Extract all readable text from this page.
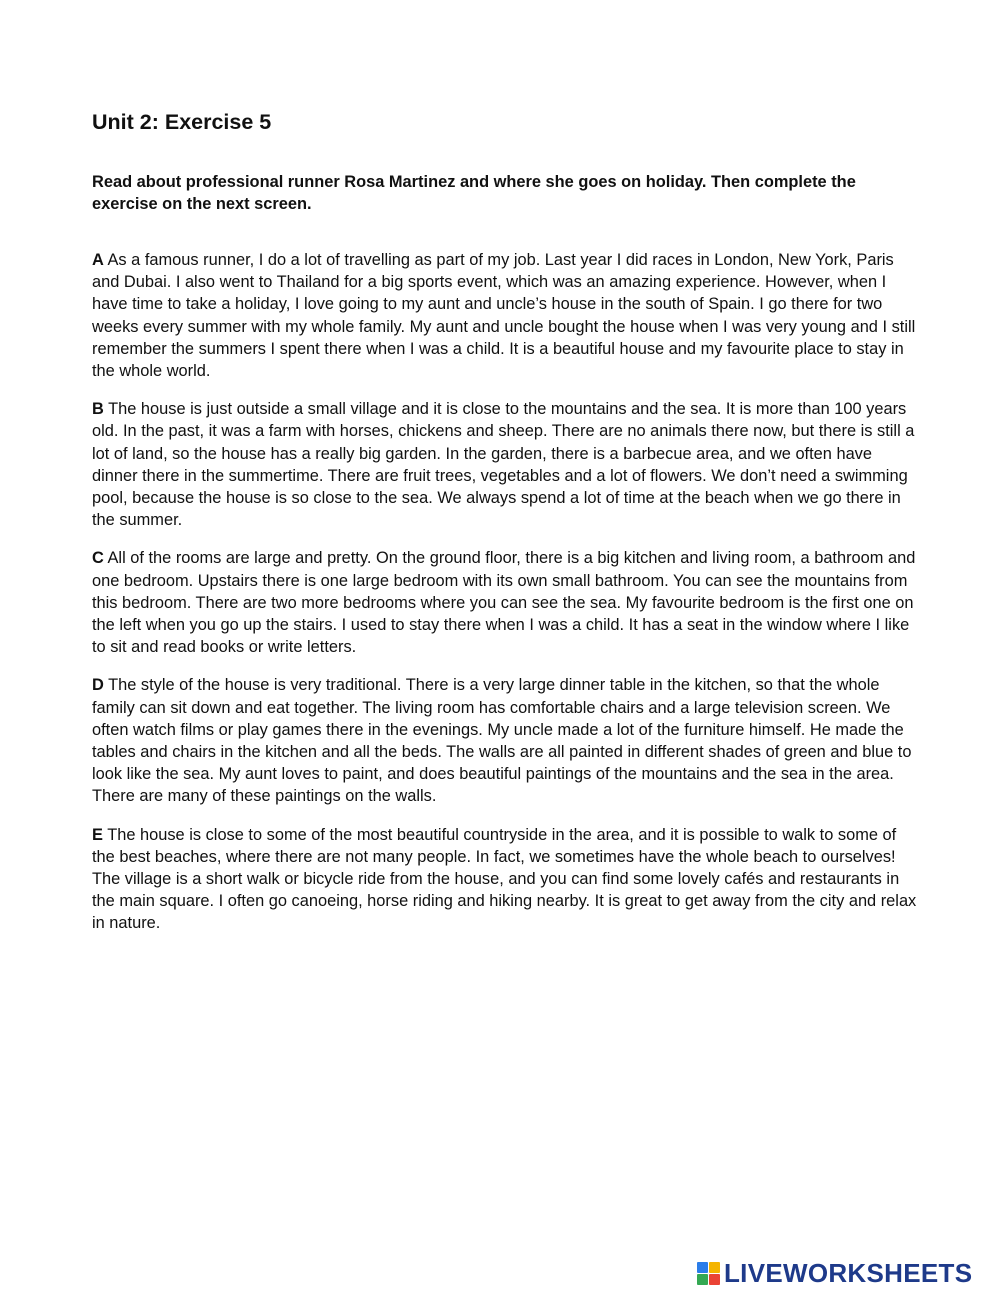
Unit 2: Exercise 5

Read about professional runner Rosa Martinez and where she goes on holiday. Then complete the exercise on the next screen.

A As a famous runner, I do a lot of travelling as part of my job. Last year I did races in London, New York, Paris and Dubai. I also went to Thailand for a big sports event, which was an amazing experience. However, when I have time to take a holiday, I love going to my aunt and uncle’s house in the south of Spain. I go there for two weeks every summer with my whole family. My aunt and uncle bought the house when I was very young and I still remember the summers I spent there when I was a child. It is a beautiful house and my favourite place to stay in the whole world.

B The house is just outside a small village and it is close to the mountains and the sea. It is more than 100 years old. In the past, it was a farm with horses, chickens and sheep. There are no animals there now, but there is still a lot of land, so the house has a really big garden. In the garden, there is a barbecue area, and we often have dinner there in the summertime. There are fruit trees, vegetables and a lot of flowers. We don’t need a swimming pool, because the house is so close to the sea. We always spend a lot of time at the beach when we go there in the summer.

C All of the rooms are large and pretty. On the ground floor, there is a big kitchen and living room, a bathroom and one bedroom. Upstairs there is one large bedroom with its own small bathroom. You can see the mountains from this bedroom. There are two more bedrooms where you can see the sea. My favourite bedroom is the first one on the left when you go up the stairs. I used to stay there when I was a child. It has a seat in the window where I like to sit and read books or write letters.

D The style of the house is very traditional. There is a very large dinner table in the kitchen, so that the whole family can sit down and eat together. The living room has comfortable chairs and a large television screen. We often watch films or play games there in the evenings. My uncle made a lot of the furniture himself. He made the tables and chairs in the kitchen and all the beds. The walls are all painted in different shades of green and blue to look like the sea. My aunt loves to paint, and does beautiful paintings of the mountains and the sea in the area. There are many of these paintings on the walls.

E The house is close to some of the most beautiful countryside in the area, and it is possible to walk to some of the best beaches, where there are not many people. In fact, we sometimes have the whole beach to ourselves! The village is a short walk or bicycle ride from the house, and you can find some lovely cafés and restaurants in the main square. I often go canoeing, horse riding and hiking nearby. It is great to get away from the city and relax in nature.

LIVEWORKSHEETS
